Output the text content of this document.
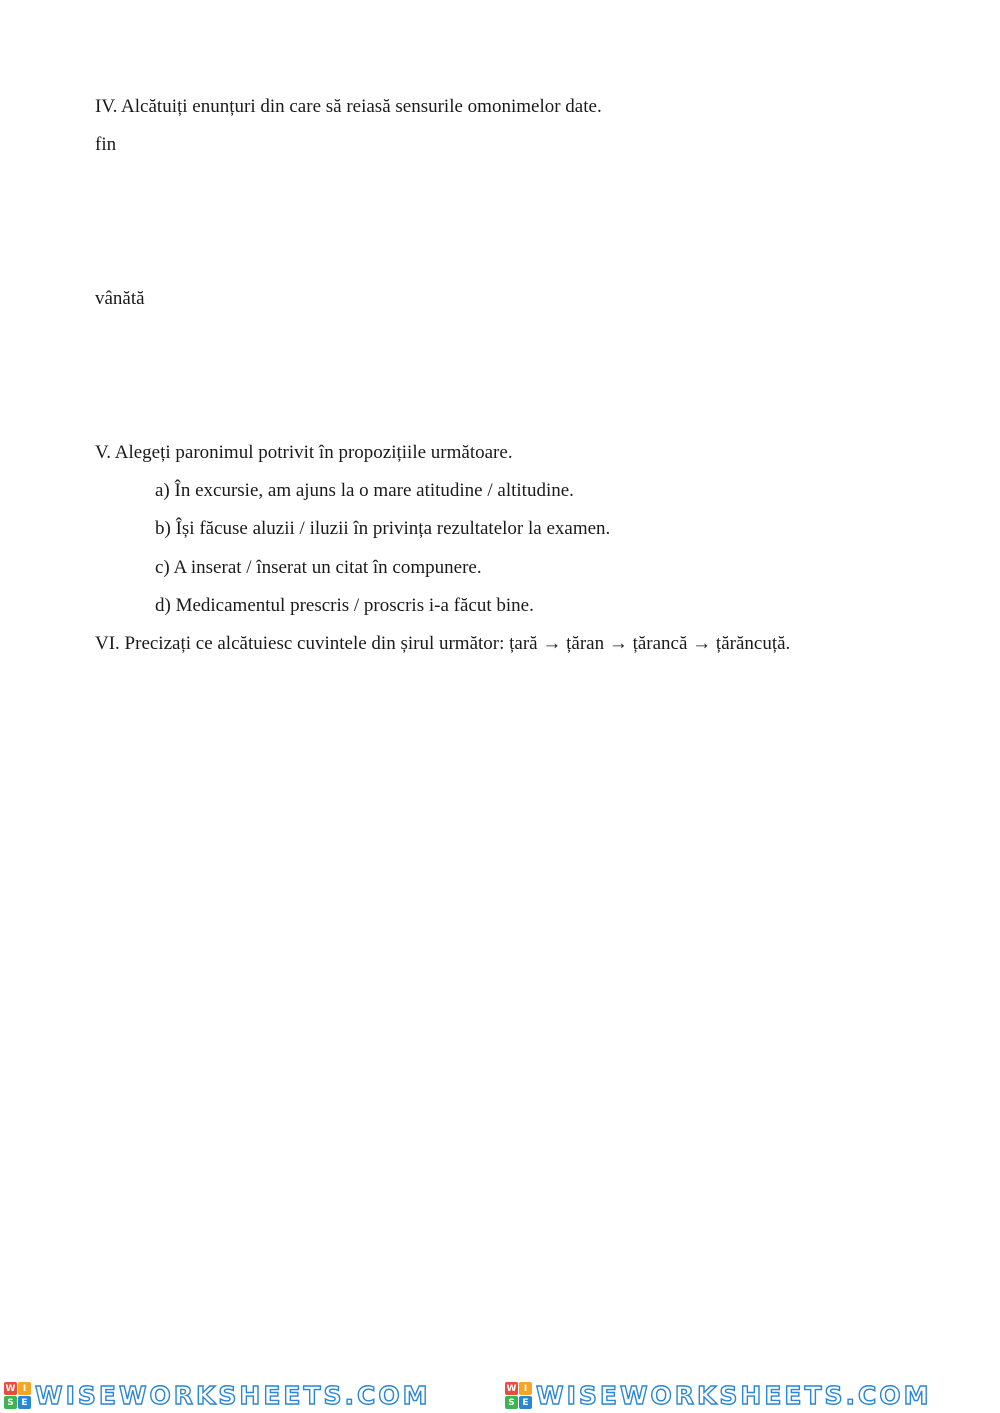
IV. Alcătuiți enunțuri din care să reiasă sensurile omonimelor date.
fin
vânătă
V. Alegeți paronimul potrivit în propozițiile următoare.
a) În excursie, am ajuns la o mare atitudine / altitudine.
b) Își făcuse aluzii / iluzii în privința rezultatelor la examen.
c) A inserat / înserat un citat în compunere.
d) Medicamentul prescris / proscris i-a făcut bine.
VI. Precizați ce alcătuiesc cuvintele din șirul următor: țară → țăran → țărancă → țărăncuță.
W I
S E WISEWORKSHEETS.COM	W I
S E WISEWORKSHEETS.COM
